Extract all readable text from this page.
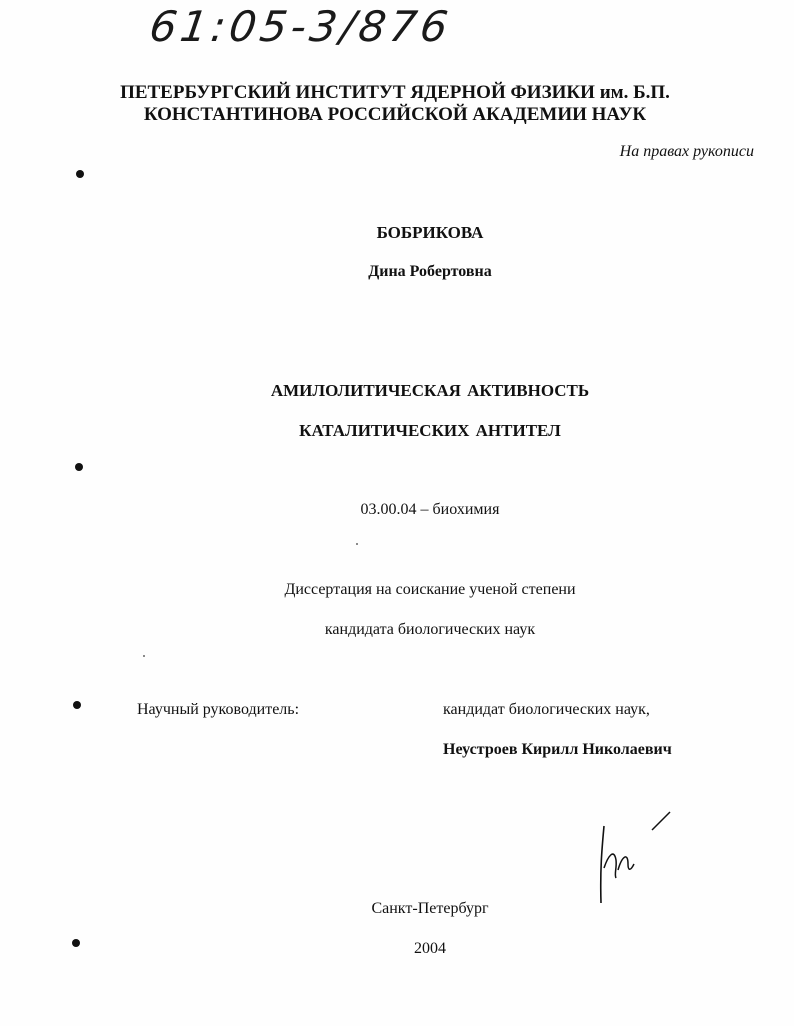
61:05-3/876
ПЕТЕРБУРГСКИЙ ИНСТИТУТ ЯДЕРНОЙ ФИЗИКИ им. Б.П.
КОНСТАНТИНОВА РОССИЙСКОЙ АКАДЕМИИ НАУК
На правах рукописи
БОБРИКОВА
Дина Робертовна
АМИЛОЛИТИЧЕСКАЯ АКТИВНОСТЬ
КАТАЛИТИЧЕСКИХ АНТИТЕЛ
03.00.04 – биохимия
Диссертация на соискание ученой степени
кандидата биологических наук
Научный руководитель:	кандидат биологических наук,
Неустроев Кирилл Николаевич
Санкт-Петербург
2004
